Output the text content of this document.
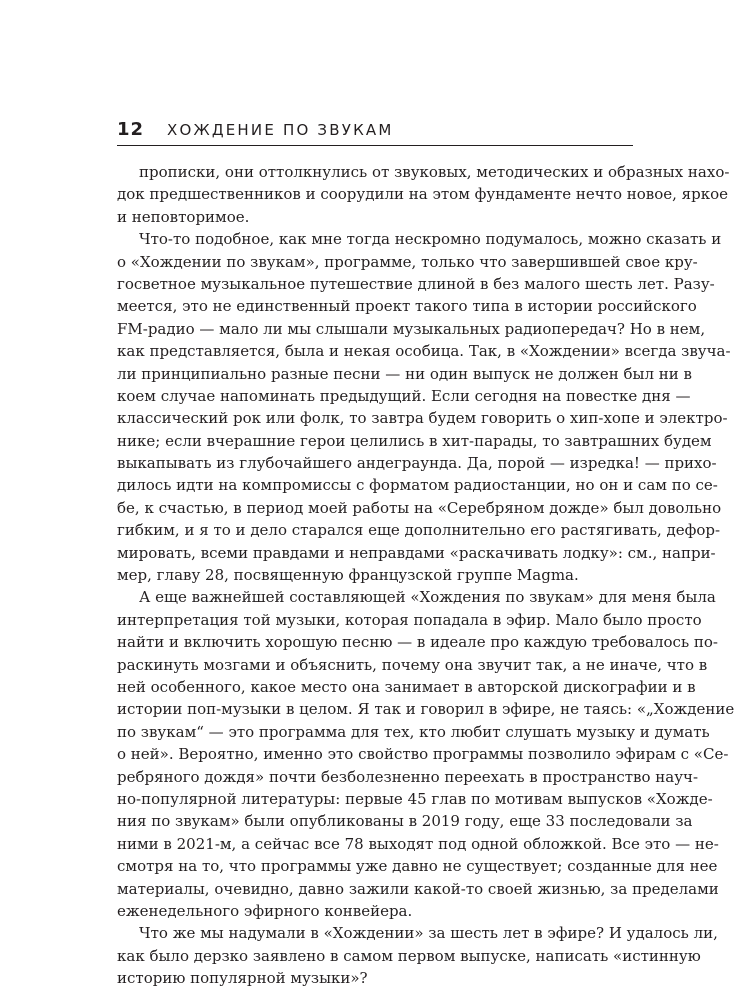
12 ХОЖДЕНИЕ ПО ЗВУКАМ
прописки, они оттолкнулись от звуковых, методических и образных нахо-
док предшественников и соорудили на этом фундаменте нечто новое, яркое
и неповторимое.
Что-то подобное, как мне тогда нескромно подумалось, можно сказать и
о «Хождении по звукам», программе, только что завершившей свое кру-
госветное музыкальное путешествие длиной в без малого шесть лет. Разу-
меется, это не единственный проект такого типа в истории российского
FM-радио — мало ли мы слышали музыкальных радиопередач? Но в нем,
как представляется, была и некая особица. Так, в «Хождении» всегда звуча-
ли принципиально разные песни — ни один выпуск не должен был ни в
коем случае напоминать предыдущий. Если сегодня на повестке дня —
классический рок или фолк, то завтра будем говорить о хип-хопе и электро-
нике; если вчерашние герои целились в хит-парады, то завтрашних будем
выкапывать из глубочайшего андеграунда. Да, порой — изредка! — прихо-
дилось идти на компромиссы с форматом радиостанции, но он и сам по се-
бе, к счастью, в период моей работы на «Серебряном дожде» был довольно
гибким, и я то и дело старался еще дополнительно его растягивать, дефор-
мировать, всеми правдами и неправдами «раскачивать лодку»: см., напри-
мер, главу 28, посвященную французской группе Magma.
А еще важнейшей составляющей «Хождения по звукам» для меня была
интерпретация той музыки, которая попадала в эфир. Мало было просто
найти и включить хорошую песню — в идеале про каждую требовалось по-
раскинуть мозгами и объяснить, почему она звучит так, а не иначе, что в
ней особенного, какое место она занимает в авторской дискографии и в
истории поп-музыки в целом. Я так и говорил в эфире, не таясь: «„Хождение
по звукам“ — это программа для тех, кто любит слушать музыку и думать
о ней». Вероятно, именно это свойство программы позволило эфирам с «Се-
ребряного дождя» почти безболезненно переехать в пространство науч-
но-популярной литературы: первые 45 глав по мотивам выпусков «Хожде-
ния по звукам» были опубликованы в 2019 году, еще 33 последовали за
ними в 2021-м, а сейчас все 78 выходят под одной обложкой. Все это — не-
смотря на то, что программы уже давно не существует; созданные для нее
материалы, очевидно, давно зажили какой-то своей жизнью, за пределами
еженедельного эфирного конвейера.
Что же мы надумали в «Хождении» за шесть лет в эфире? И удалось ли,
как было дерзко заявлено в самом первом выпуске, написать «истинную
историю популярной музыки»?
